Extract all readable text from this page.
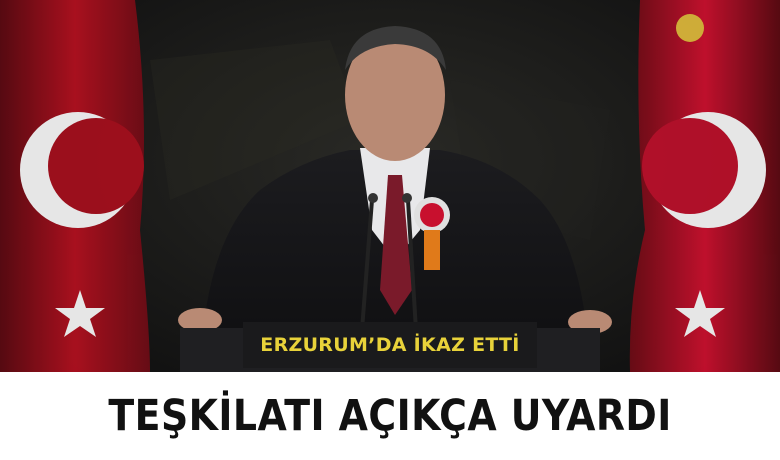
ERZURUM’DA İKAZ ETTİ
TEŞKİLATI AÇIKÇA UYARDI
